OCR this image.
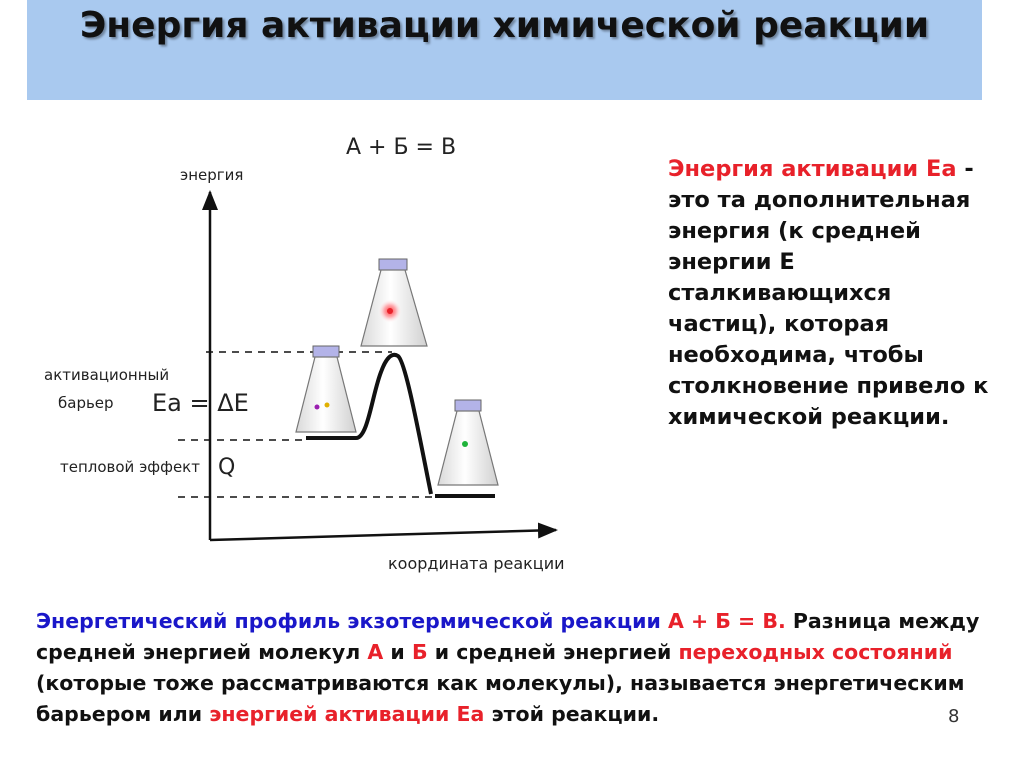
Энергия активации химической реакции
А + Б = В
энергия
координата реакции
активационный
барьер Ea = ΔE
тепловой эффект Q
Энергия активации Ea - это та дополнительная энергия (к средней энергии Е сталкивающихся частиц), которая необходима, чтобы столкновение привело к химической реакции.
Энергетический профиль экзотермической реакции А + Б = В. Разница между средней энергией молекул А и Б и средней энергией переходных состояний (которые тоже рассматриваются как молекулы), называется энергетическим барьером или энергией активации Ea этой реакции.	8
